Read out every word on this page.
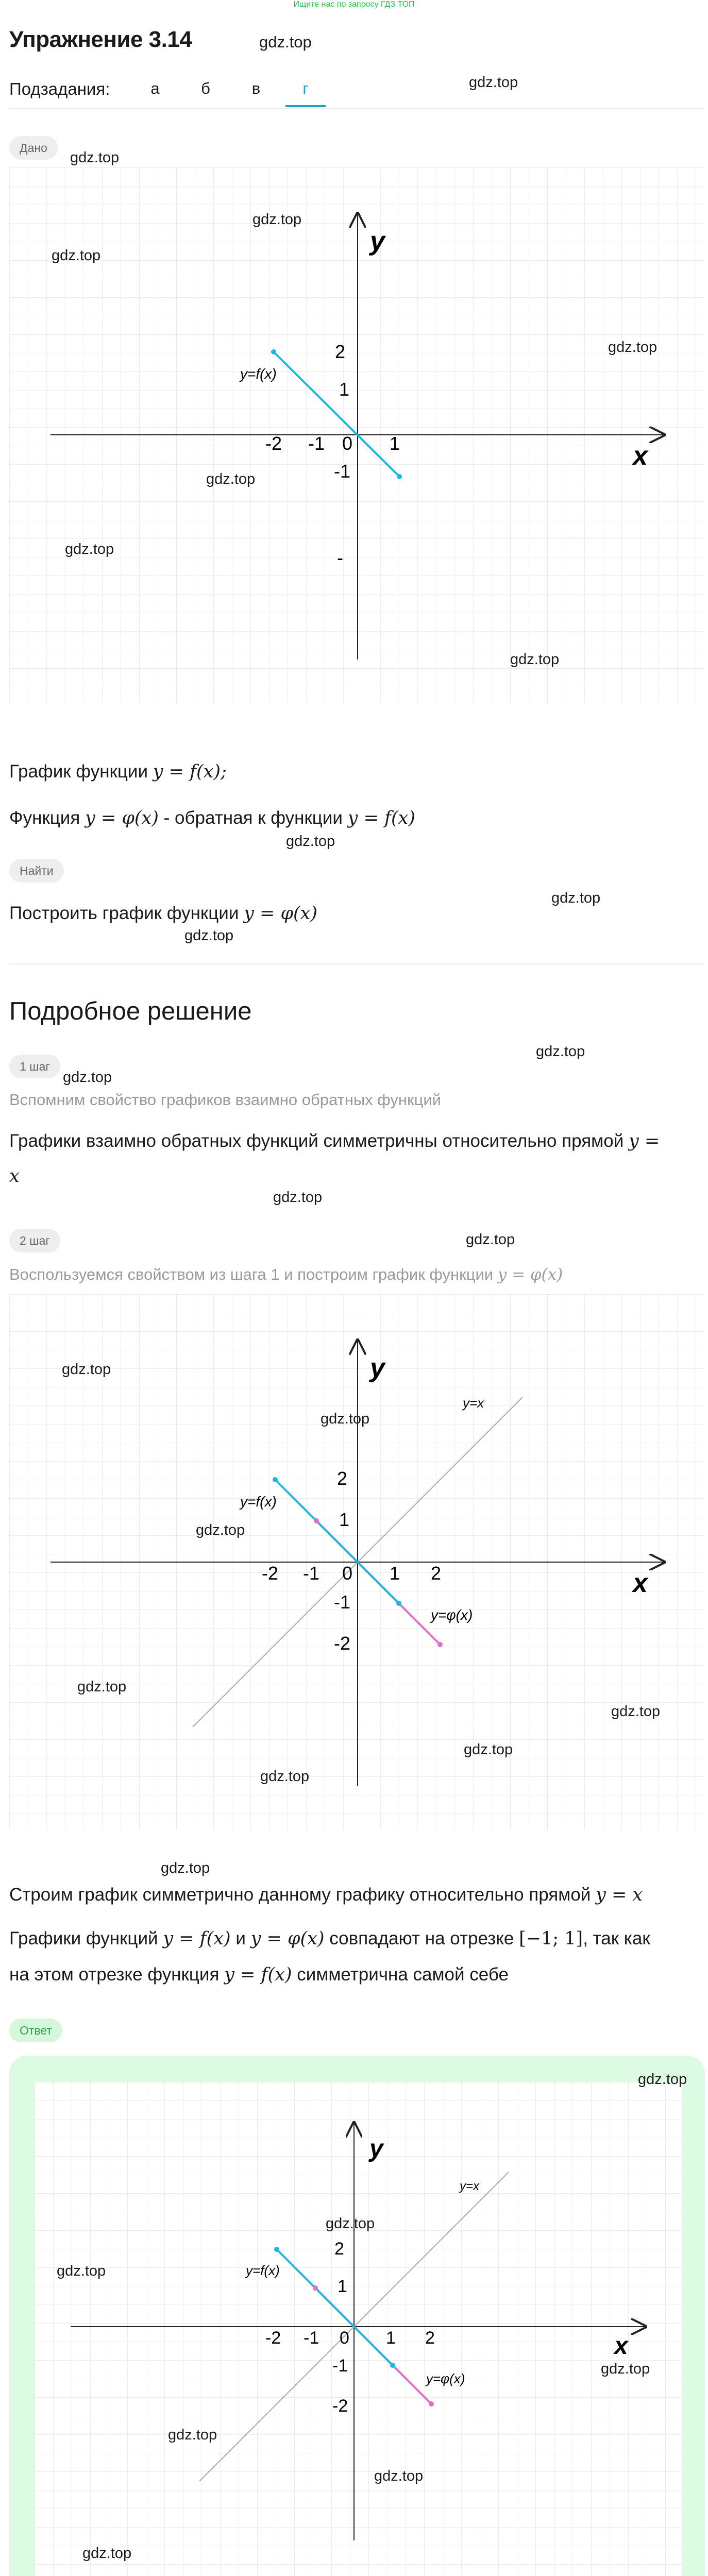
Ищите нас по запросу ГДЗ ТОП
Упражнение 3.14	gdz.top
Подзадания:	а	б	в	г	gdz.top
Дано
gdz.top
y
x
y=f(x)
2
1
0
-1
-2	1
-1
-
gdz.top
gdz.top
gdz.top
gdz.top
gdz.top
gdz.top
График функции y = f(x);
Функция y = φ(x) - обратная к функции y = f(x)
gdz.top
Найти
gdz.top
Построить график функции y = φ(x)
gdz.top
Подробное решение
1 шаг
gdz.top
gdz.top
Вспомним свойство графиков взаимно обратных функций
Графики взаимно обратных функций симметричны относительно прямой y =
x
gdz.top
2 шаг	gdz.top
Воспользуемся свойством из шага 1 и построим график функции y = φ(x)
y
x
y=f(x)
y=φ(x)
y=x
2
1
0
-1
-2	1 2
-1
-2
gdz.top
gdz.top
gdz.top
gdz.top
gdz.top
gdz.top
gdz.top
gdz.top
Строим график симметрично данному графику относительно прямой y = x
Графики функций y = f(x) и y = φ(x) совпадают на отрезке [−1; 1], так как
на этом отрезке функция y = f(x) симметрична самой себе
Ответ
y
x
y=f(x)
y=φ(x)
y=x
2
1
0
-1
-2	1 2
-1
-2
gdz.top
gdz.top
gdz.top
gdz.top
gdz.top
gdz.top
gdz.top
